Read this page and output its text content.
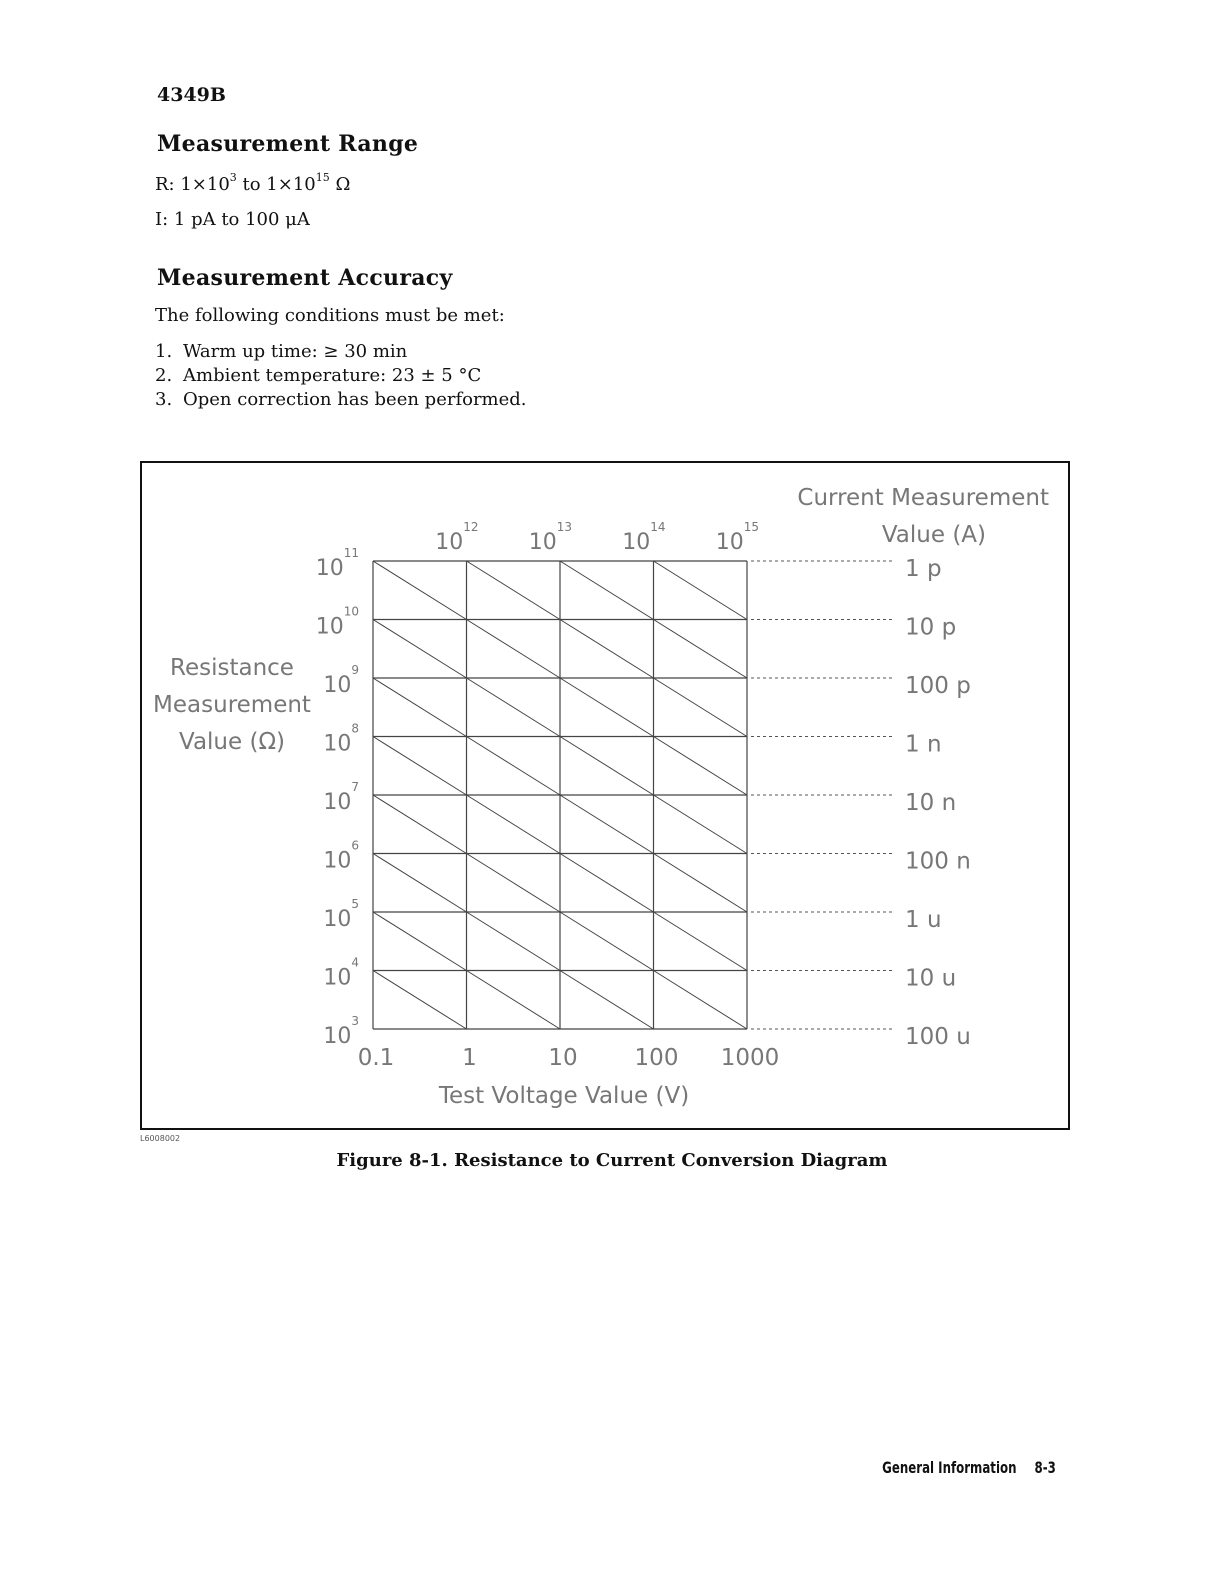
4349B
Measurement Range
R: $1\times 10^3$ to $1\times 10^{15}$ Ω
I: 1 pA to 100 μA
Measurement Accuracy
The following conditions must be met:
1. Warm up time: ≥ 30 min
2. Ambient temperature: 23 ± 5 °C
3. Open correction has been performed.
$10^{11}$
$10^{10}$
$10^9$
$10^8$
$10^7$
$10^6$
$10^5$
$10^4$
$10^3$
$10^{12}$
$10^{13}$
$10^{14}$
$10^{15}$
0.1	1	10 100 1000
1 p
10 p
100 p
1 n
10 n
100 n
1 u
10 u
100 u
Test Voltage Value (V)
Resistance
Measurement
Value (Ω)
Current Measurement
Value (A)
L6008002
Figure 8-1. Resistance to Current Conversion Diagram
General Information 8-3
